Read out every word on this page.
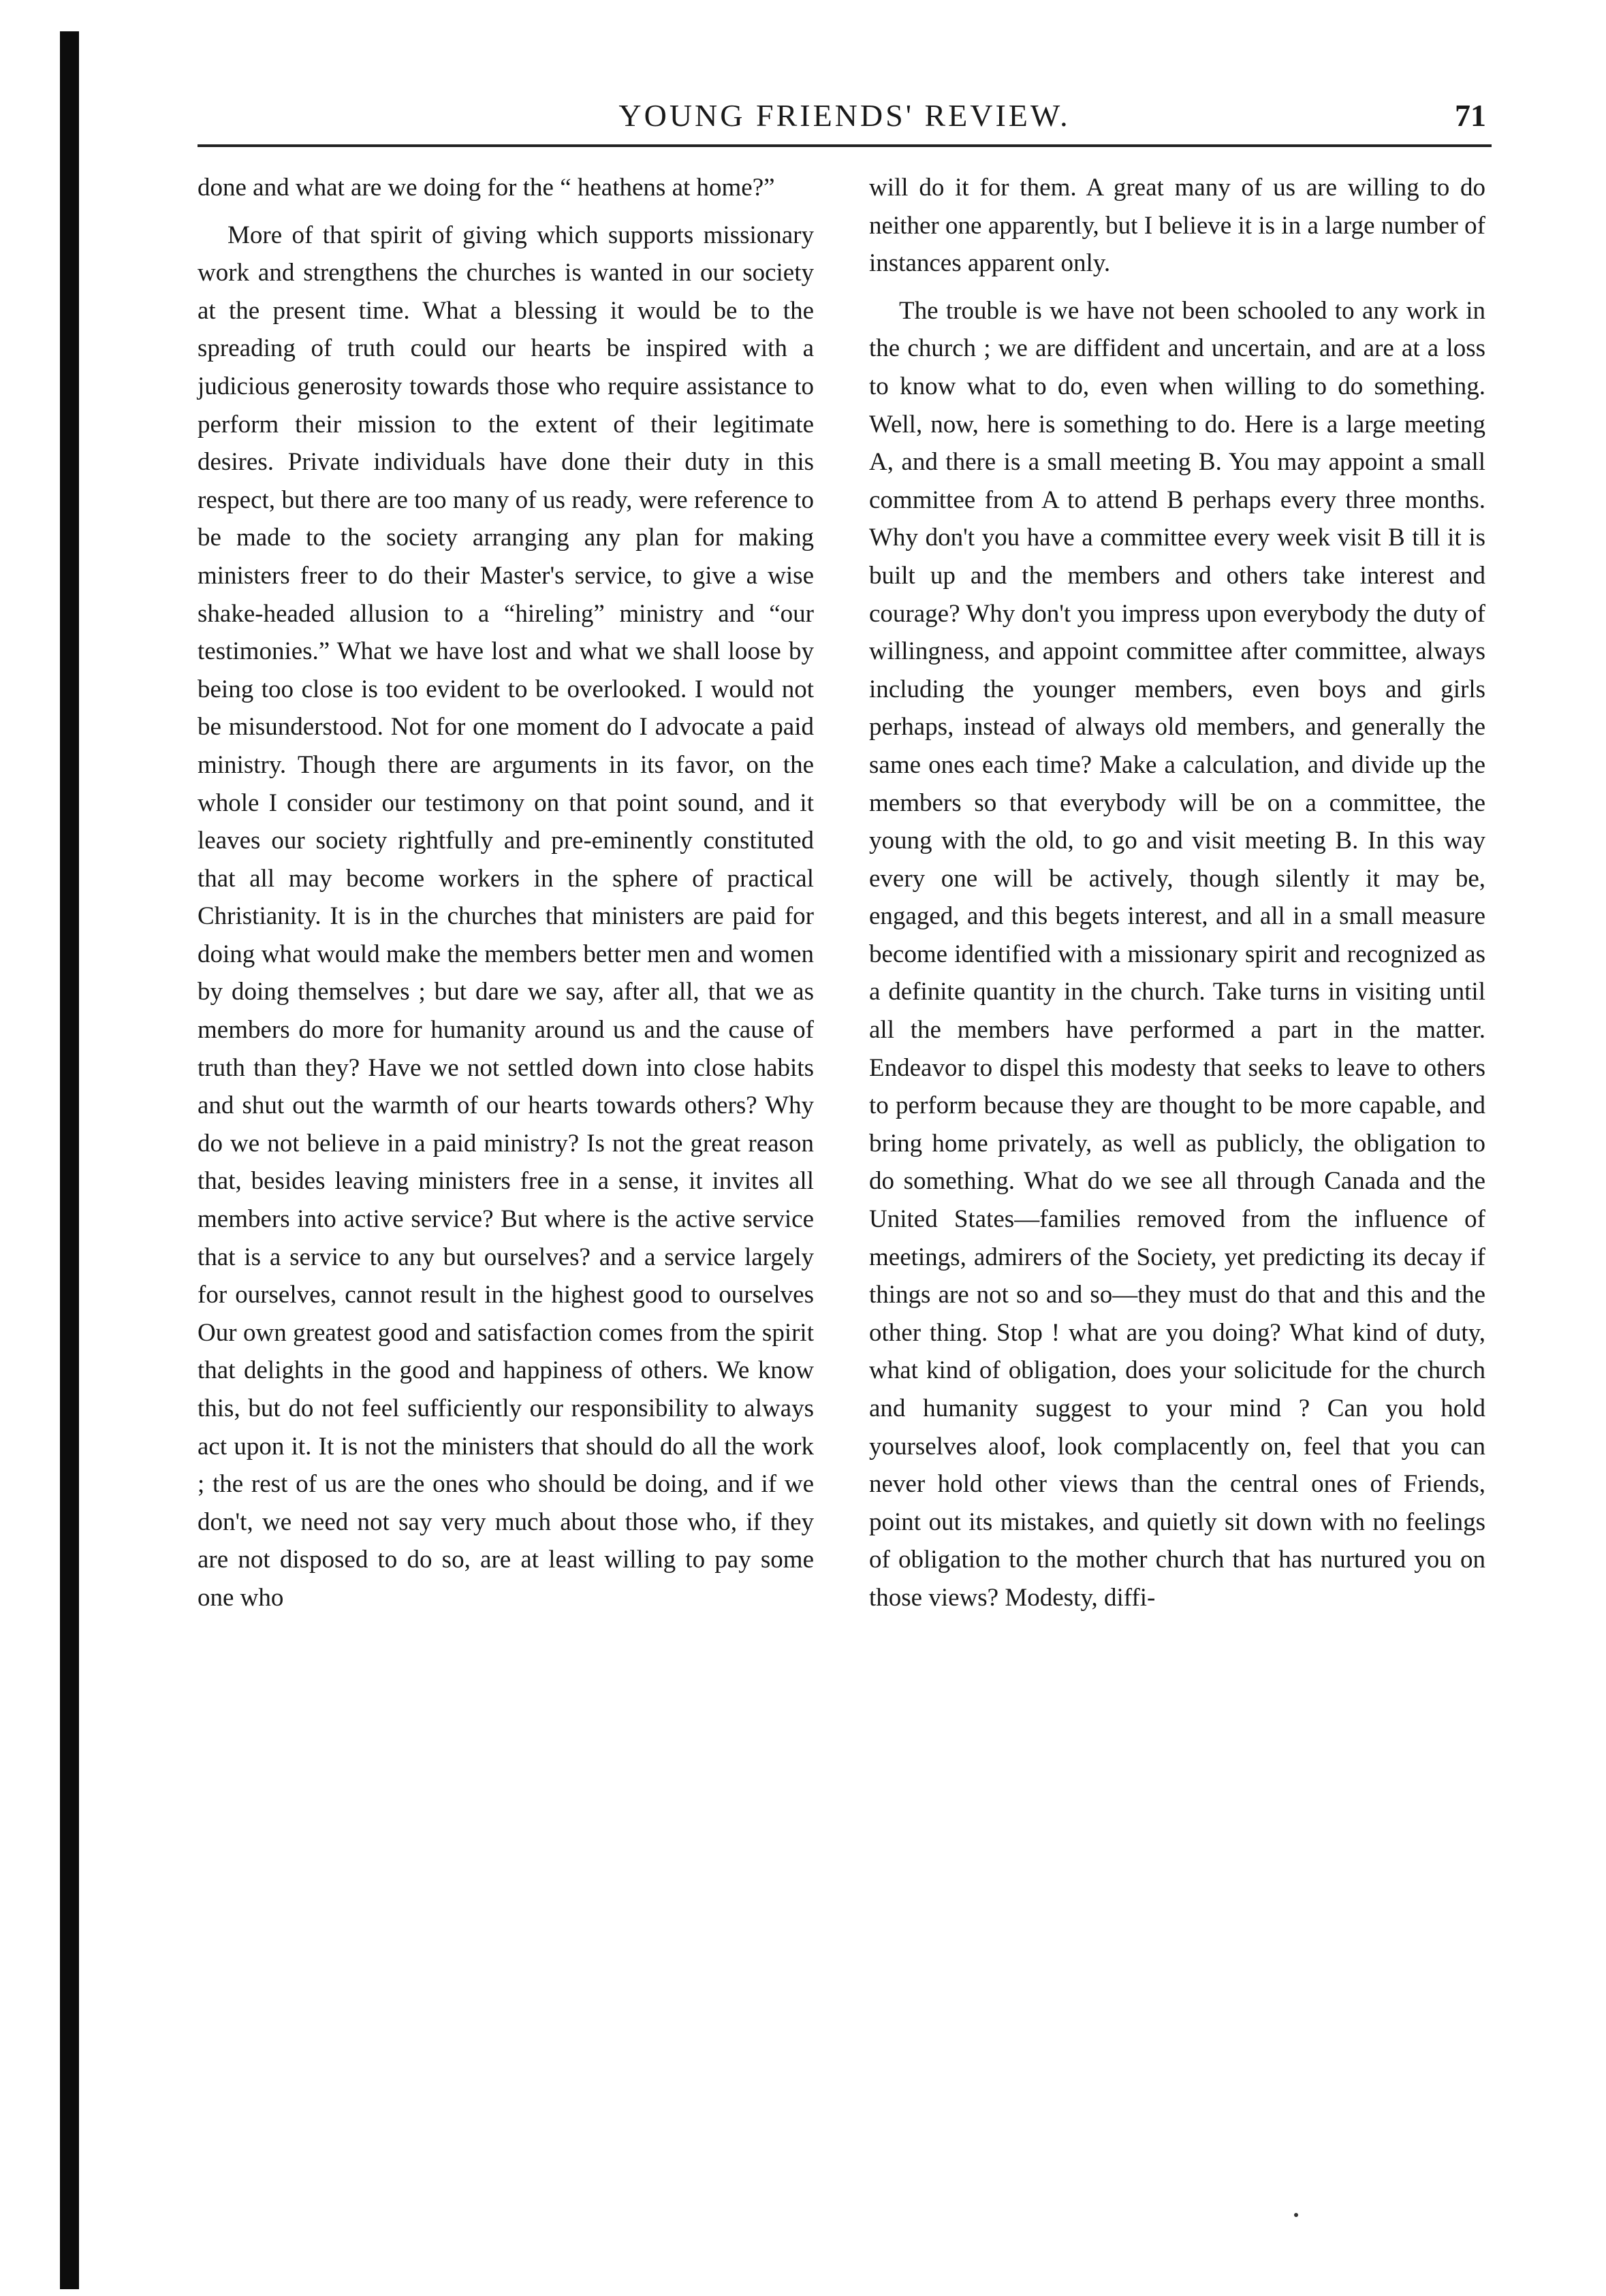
YOUNG FRIENDS' REVIEW.	71

done and what are we doing for the “ heathens at home?”

More of that spirit of giving which supports missionary work and strengthens the churches is wanted in our society at the present time. What a blessing it would be to the spreading of truth could our hearts be inspired with a judicious generosity towards those who require assistance to perform their mission to the extent of their legitimate desires. Private individuals have done their duty in this respect, but there are too many of us ready, were reference to be made to the society arranging any plan for making ministers freer to do their Master's service, to give a wise shake-headed allusion to a “hireling” ministry and “our testimonies.” What we have lost and what we shall loose by being too close is too evident to be overlooked. I would not be misunderstood. Not for one moment do I advocate a paid ministry. Though there are arguments in its favor, on the whole I consider our testimony on that point sound, and it leaves our society rightfully and pre-eminently constituted that all may become workers in the sphere of practical Christianity. It is in the churches that ministers are paid for doing what would make the members better men and women by doing themselves ; but dare we say, after all, that we as members do more for humanity around us and the cause of truth than they? Have we not settled down into close habits and shut out the warmth of our hearts towards others? Why do we not believe in a paid ministry? Is not the great reason that, besides leaving ministers free in a sense, it invites all members into active service? But where is the active service that is a service to any but ourselves? and a service largely for ourselves, cannot result in the highest good to ourselves Our own greatest good and satisfaction comes from the spirit that delights in the good and happiness of others. We know this, but do not feel sufficiently our responsibility to always act upon it. It is not the ministers that should do all the work ; the rest of us are the ones who should be doing, and if we don't, we need not say very much about those who, if they are not disposed to do so, are at least willing to pay some one who

will do it for them. A great many of us are willing to do neither one apparently, but I believe it is in a large number of instances apparent only.

The trouble is we have not been schooled to any work in the church ; we are diffident and uncertain, and are at a loss to know what to do, even when willing to do something. Well, now, here is something to do. Here is a large meeting A, and there is a small meeting B. You may appoint a small committee from A to attend B perhaps every three months. Why don't you have a committee every week visit B till it is built up and the members and others take interest and courage? Why don't you impress upon everybody the duty of willingness, and appoint committee after committee, always including the younger members, even boys and girls perhaps, instead of always old members, and generally the same ones each time? Make a calculation, and divide up the members so that everybody will be on a committee, the young with the old, to go and visit meeting B. In this way every one will be actively, though silently it may be, engaged, and this begets interest, and all in a small measure become identified with a missionary spirit and recognized as a definite quantity in the church. Take turns in visiting until all the members have performed a part in the matter. Endeavor to dispel this modesty that seeks to leave to others to perform because they are thought to be more capable, and bring home privately, as well as publicly, the obligation to do something. What do we see all through Canada and the United States—families removed from the influence of meetings, admirers of the Society, yet predicting its decay if things are not so and so—they must do that and this and the other thing. Stop ! what are you doing? What kind of duty, what kind of obligation, does your solicitude for the church and humanity suggest to your mind ? Can you hold yourselves aloof, look complacently on, feel that you can never hold other views than the central ones of Friends, point out its mistakes, and quietly sit down with no feelings of obligation to the mother church that has nurtured you on those views? Modesty, diffi-
